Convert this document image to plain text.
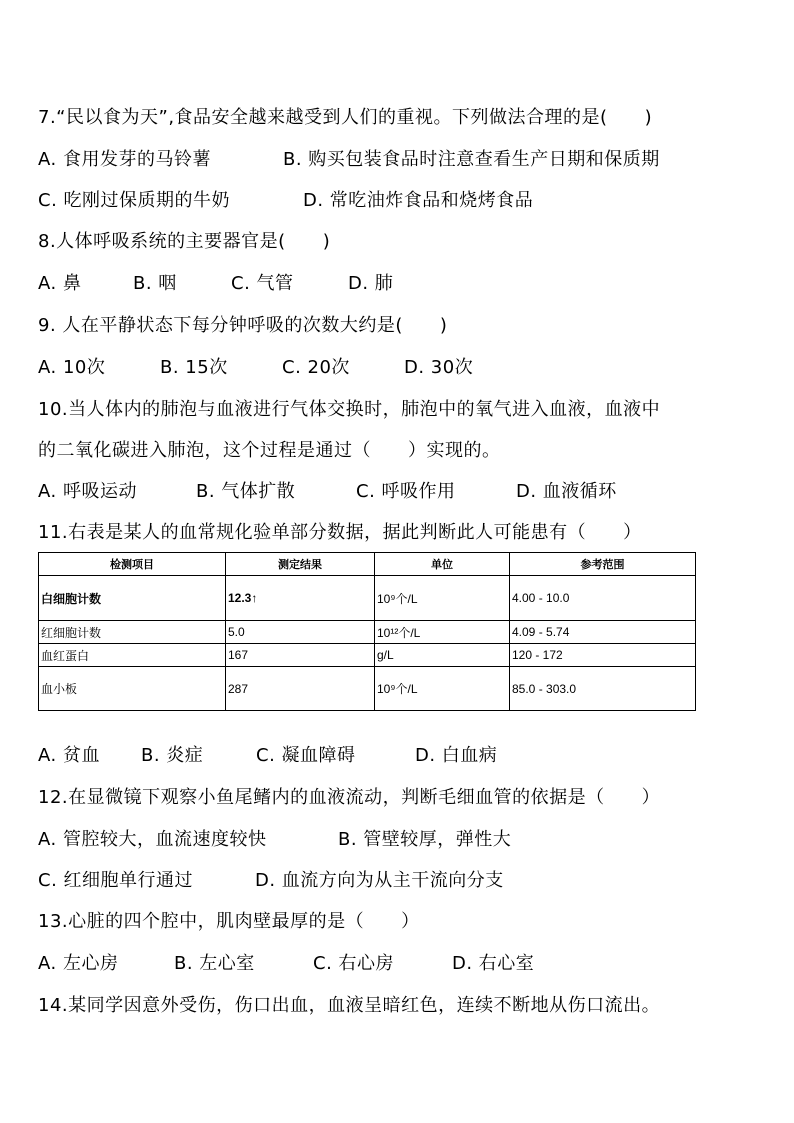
7.“民以食为天”,食品安全越来越受到人们的重视。下列做法合理的是(　　)
A. 食用发芽的马铃薯	B. 购买包装食品时注意查看生产日期和保质期
C. 吃刚过保质期的牛奶	D. 常吃油炸食品和烧烤食品
8.人体呼吸系统的主要器官是(　　)
A. 鼻	B. 咽	C. 气管	D. 肺
9. 人在平静状态下每分钟呼吸的次数大约是(　　)
A. 10次	B. 15次	C. 20次	D. 30次
10.当人体内的肺泡与血液进行气体交换时，肺泡中的氧气进入血液，血液中
的二氧化碳进入肺泡，这个过程是通过（　　）实现的。
A. 呼吸运动	B. 气体扩散	C. 呼吸作用	D. 血液循环
11.右表是某人的血常规化验单部分数据，据此判断此人可能患有（　　）
检测项目	测定结果	单位	参考范围
白细胞计数	12.3↑	10⁹个/L	4.00 - 10.0
红细胞计数	5.0	10¹²个/L	4.09 - 5.74
血红蛋白	167	g/L	120 - 172
血小板	287	10⁹个/L	85.0 - 303.0
A. 贫血 B. 炎症	C. 凝血障碍	D. 白血病
12.在显微镜下观察小鱼尾鳍内的血液流动，判断毛细血管的依据是（　　）
A. 管腔较大，血流速度较快	B. 管壁较厚，弹性大
C. 红细胞单行通过	D. 血流方向为从主干流向分支
13.心脏的四个腔中，肌肉壁最厚的是（　　）
A. 左心房	B. 左心室	C. 右心房	D. 右心室
14.某同学因意外受伤，伤口出血，血液呈暗红色，连续不断地从伤口流出。
